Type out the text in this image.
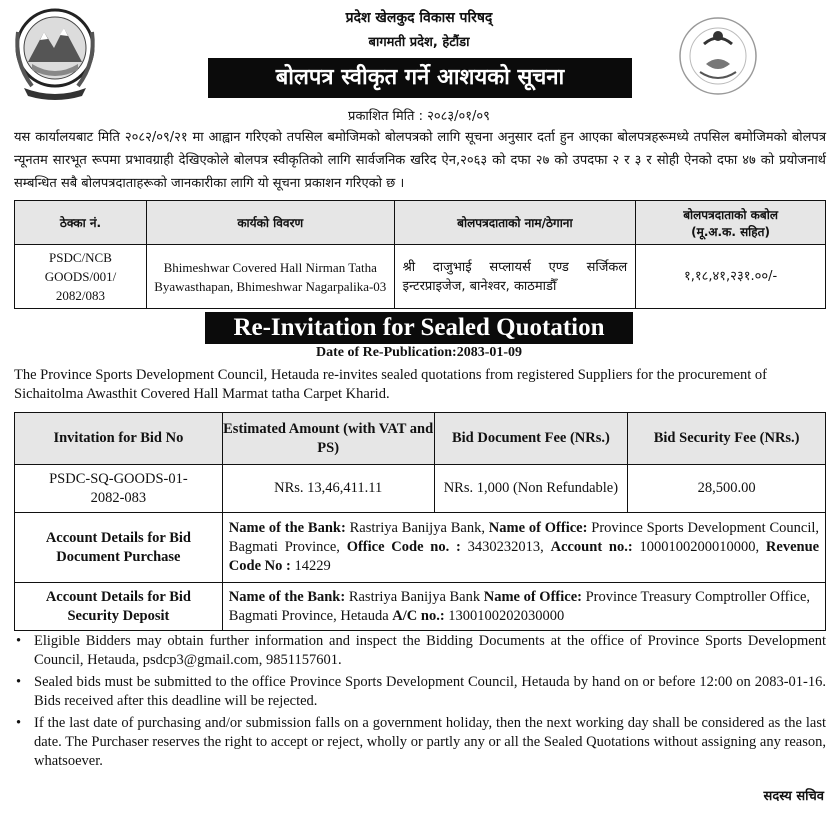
प्रदेश खेलकुद विकास परिषद्
बागमती प्रदेश, हेटौंडा
बोलपत्र स्वीकृत गर्ने आशयको सूचना
प्रकाशित मिति : २०८३/०१/०९
यस कार्यालयबाट मिति २०८२/०९/२१ मा आह्वान गरिएको तपसिल बमोजिमको बोलपत्रको लागि सूचना अनुसार दर्ता हुन आएका बोलपत्रहरूमध्ये तपसिल बमोजिमको बोलपत्र न्यूनतम सारभूत रूपमा प्रभावग्राही देखिएकोले बोलपत्र स्वीकृतिको लागि सार्वजनिक खरिद ऐन,२०६३ को दफा २७ को उपदफा २ र ३ र सोही ऐनको दफा ४७ को प्रयोजनार्थ सम्बन्धित सबै बोलपत्रदाताहरूको जानकारीका लागि यो सूचना प्रकाशन गरिएको छ ।
ठेक्का नं.	कार्यको विवरण	बोलपत्रदाताको नाम/ठेगाना	बोलपत्रदाताको कबोल
(मू.अ.क. सहित)

PSDC/NCB GOODS/001/ 2082/083	Bhimeshwar Covered Hall Nirman Tatha Byawasthapan, Bhimeshwar Nagarpalika-03	श्री दाजुभाई सप्लायर्स एण्ड सर्जिकल इन्टरप्राइजेज, बानेश्वर, काठमाडौँ	१,१८,४१,२३१.००/-
Re-Invitation for Sealed Quotation
Date of Re-Publication:2083-01-09
The Province Sports Development Council, Hetauda re-invites sealed quotations from registered Suppliers for the procurement of Sichaitolma Awasthit Covered Hall Marmat tatha Carpet Kharid.
Invitation for Bid No	Estimated Amount (with VAT and PS)	Bid Document Fee (NRs.)	Bid Security Fee (NRs.)
PSDC-SQ-GOODS-01-2082-083	NRs. 13,46,411.11	NRs. 1,000 (Non Refundable)	28,500.00
Account Details for Bid Document Purchase	Name of the Bank: Rastriya Banijya Bank, Name of Office: Province Sports Development Council, Bagmati Province, Office Code no. : 3430232013, Account no.: 1000100200010000, Revenue Code No : 14229		
Account Details for Bid Security Deposit	Name of the Bank: Rastriya Banijya Bank Name of Office: Province Treasury Comptroller Office, Bagmati Province, Hetauda A/C no.: 1300100202030000		
• Eligible Bidders may obtain further information and inspect the Bidding Documents at the office of Province Sports Development Council, Hetauda, psdcp3@gmail.com, 9851157601.
• Sealed bids must be submitted to the office Province Sports Development Council, Hetauda by hand on or before 12:00 on 2083-01-16. Bids received after this deadline will be rejected.
• If the last date of purchasing and/or submission falls on a government holiday, then the next working day shall be considered as the last date. The Purchaser reserves the right to accept or reject, wholly or partly any or all the Sealed Quotations without assigning any reason, whatsoever.
सदस्य सचिव
